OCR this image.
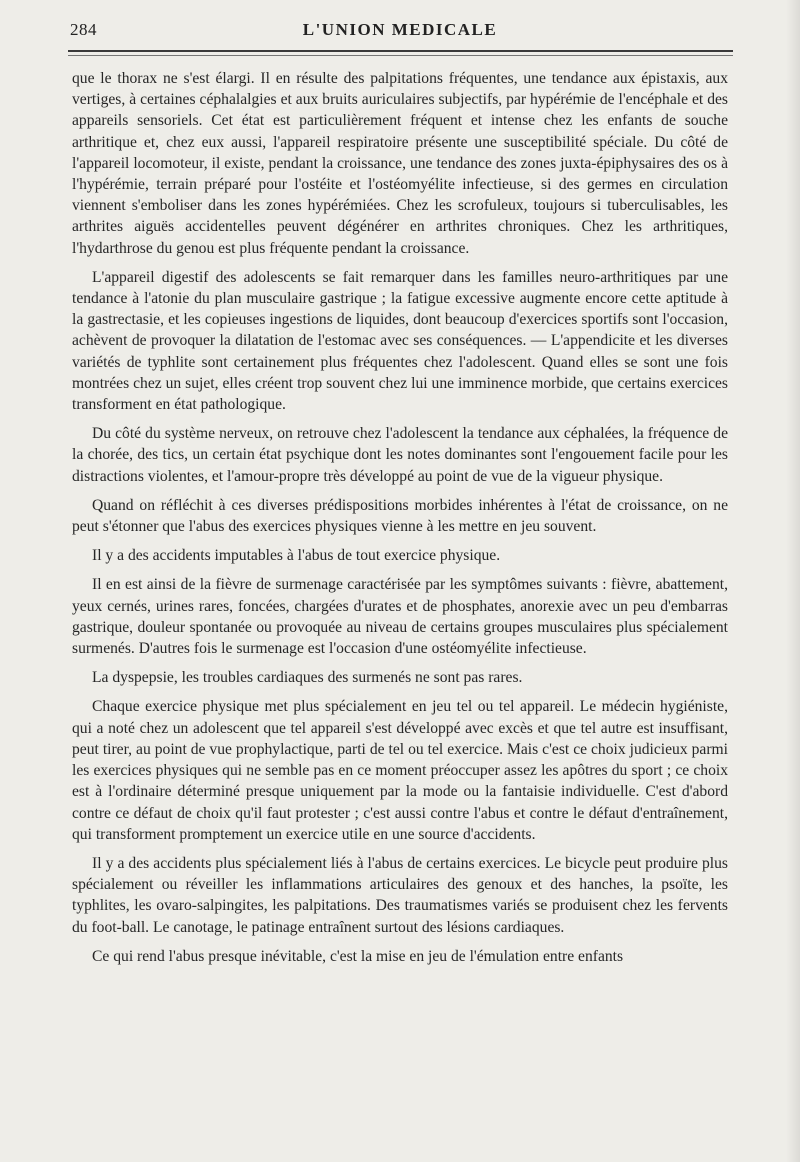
284	L'UNION MEDICALE

que le thorax ne s'est élargi. Il en résulte des palpitations fréquentes, une tendance aux épistaxis, aux vertiges, à certaines céphalalgies et aux bruits auriculaires subjectifs, par hypérémie de l'encéphale et des appareils sensoriels. Cet état est particulièrement fréquent et intense chez les enfants de souche arthritique et, chez eux aussi, l'appareil respiratoire présente une susceptibilité spéciale. Du côté de l'appareil locomoteur, il existe, pendant la croissance, une tendance des zones juxta-épiphysaires des os à l'hypérémie, terrain préparé pour l'ostéite et l'ostéomyélite infectieuse, si des germes en circulation viennent s'emboliser dans les zones hypérémiées. Chez les scrofuleux, toujours si tuberculisables, les arthrites aiguës accidentelles peuvent dégénérer en arthrites chroniques. Chez les arthritiques, l'hydarthrose du genou est plus fréquente pendant la croissance.

L'appareil digestif des adolescents se fait remarquer dans les familles neuro-arthritiques par une tendance à l'atonie du plan musculaire gastrique ; la fatigue excessive augmente encore cette aptitude à la gastrectasie, et les copieuses ingestions de liquides, dont beaucoup d'exercices sportifs sont l'occasion, achèvent de provoquer la dilatation de l'estomac avec ses conséquences. — L'appendicite et les diverses variétés de typhlite sont certainement plus fréquentes chez l'adolescent. Quand elles se sont une fois montrées chez un sujet, elles créent trop souvent chez lui une imminence morbide, que certains exercices transforment en état pathologique.

Du côté du système nerveux, on retrouve chez l'adolescent la tendance aux céphalées, la fréquence de la chorée, des tics, un certain état psychique dont les notes dominantes sont l'engouement facile pour les distractions violentes, et l'amour-propre très développé au point de vue de la vigueur physique.

Quand on réfléchit à ces diverses prédispositions morbides inhérentes à l'état de croissance, on ne peut s'étonner que l'abus des exercices physiques vienne à les mettre en jeu souvent.

Il y a des accidents imputables à l'abus de tout exercice physique.

Il en est ainsi de la fièvre de surmenage caractérisée par les symptômes suivants : fièvre, abattement, yeux cernés, urines rares, foncées, chargées d'urates et de phosphates, anorexie avec un peu d'embarras gastrique, douleur spontanée ou provoquée au niveau de certains groupes musculaires plus spécialement surmenés. D'autres fois le surmenage est l'occasion d'une ostéomyélite infectieuse.

La dyspepsie, les troubles cardiaques des surmenés ne sont pas rares.

Chaque exercice physique met plus spécialement en jeu tel ou tel appareil. Le médecin hygiéniste, qui a noté chez un adolescent que tel appareil s'est développé avec excès et que tel autre est insuffisant, peut tirer, au point de vue prophylactique, parti de tel ou tel exercice. Mais c'est ce choix judicieux parmi les exercices physiques qui ne semble pas en ce moment préoccuper assez les apôtres du sport ; ce choix est à l'ordinaire déterminé presque uniquement par la mode ou la fantaisie individuelle. C'est d'abord contre ce défaut de choix qu'il faut protester ; c'est aussi contre l'abus et contre le défaut d'entraînement, qui transforment promptement un exercice utile en une source d'accidents.

Il y a des accidents plus spécialement liés à l'abus de certains exercices. Le bicycle peut produire plus spécialement ou réveiller les inflammations articulaires des genoux et des hanches, la psoïte, les typhlites, les ovaro-salpingites, les palpitations. Des traumatismes variés se produisent chez les fervents du foot-ball. Le canotage, le patinage entraînent surtout des lésions cardiaques.

Ce qui rend l'abus presque inévitable, c'est la mise en jeu de l'émulation entre enfants
